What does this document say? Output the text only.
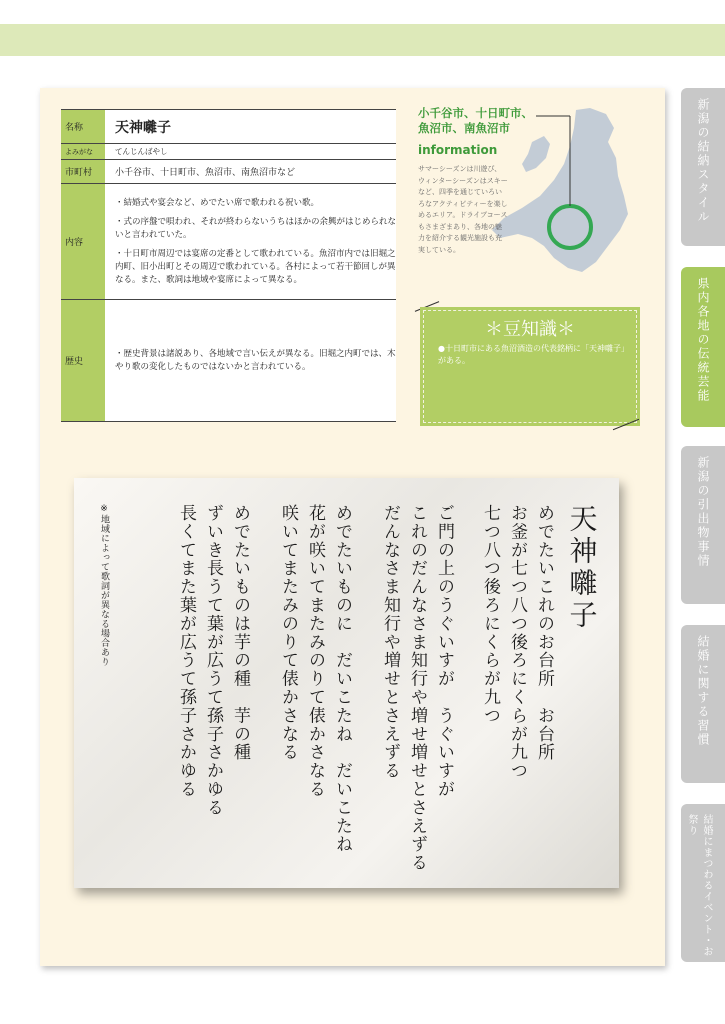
名称	天神囃子
よみがな	てんじんばやし
市町村	小千谷市、十日町市、魚沼市、南魚沼市など
内容	・結婚式や宴会など、めでたい席で歌われる祝い歌。
・式の序盤で唄われ、それが終わらないうちはほかの余興がはじめられないと言われていた。
・十日町市周辺では宴席の定番として歌われている。魚沼市内では旧堀之内町、旧小出町とその周辺で歌われている。各村によって若干節回しが異なる。また、歌詞は地域や宴席によって異なる。

歴史	・歴史背景は諸説あり、各地域で言い伝えが異なる。旧堀之内町では、木やり歌の変化したものではないかと言われている。
小千谷市、十日町市、
魚沼市、南魚沼市
information
サマーシーズンは川遊び、ウィンターシーズンはスキーなど、四季を通じていろいろなアクティビティーを楽しめるエリア。ドライブコースもさまざまあり、各地の魅力を紹介する観光施設も充実している。
＊豆知識＊
●十日町市にある魚沼酒造の代表銘柄に「天神囃子」がある。
天神囃子
めでたいこれのお台所　お台所
お釜が七つ八つ後ろにくらが九つ
七つ八つ後ろにくらが九つ
ご門の上のうぐいすが　うぐいすが
これのだんなさま知行や増せ増せとさえずる
だんなさま知行や増せとさえずる
めでたいものに　だいこたね　だいこたね
花が咲いてまたみのりて俵かさなる
咲いてまたみのりて俵かさなる
めでたいものは芋の種　芋の種
ずいき長うて葉が広うて孫子さかゆる
長くてまた葉が広うて孫子さかゆる
※地域によって歌詞が異なる場合あり
新潟の結納スタイル
県内各地の伝統芸能
新潟の引出物事情
結婚に関する習慣
結婚にまつわるイベント・お祭り
